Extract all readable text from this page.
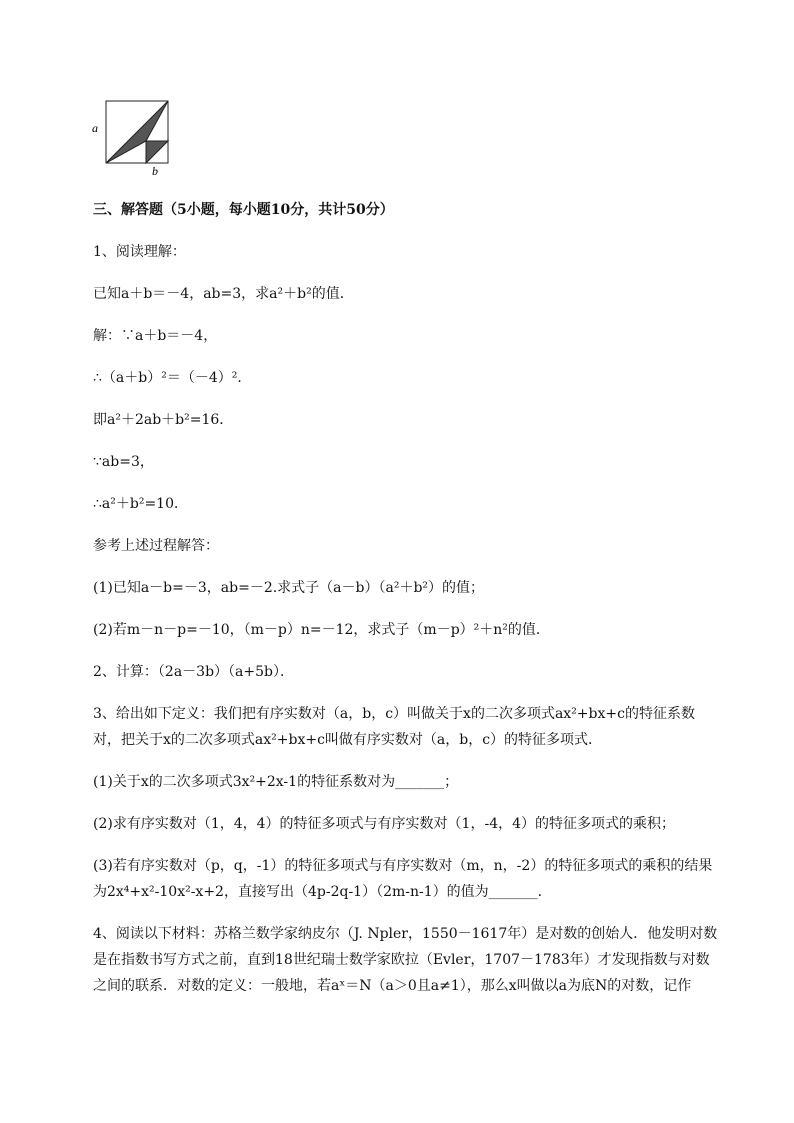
a
b
三、解答题（5小题，每小题10分，共计50分）
1、阅读理解：
已知a＋b＝－4，ab=3，求a²＋b²的值．
解：∵a＋b＝－4，
∴（a＋b）²＝（－4）²．
即a²＋2ab＋b²=16．
∵ab=3，
∴a²＋b²=10．
参考上述过程解答：
(1)已知a－b=－3，ab=－2.求式子（a－b）（a²＋b²）的值；
(2)若m－n－p=－10，（m－p）n=－12，求式子（m－p）²＋n²的值．
2、计算：（2a－3b）（a+5b）．
3、给出如下定义：我们把有序实数对（a，b，c）叫做关于x的二次多项式ax²+bx+c的特征系数
对，把关于x的二次多项式ax²+bx+c叫做有序实数对（a，b，c）的特征多项式．
(1)关于x的二次多项式3x²+2x-1的特征系数对为_______；
(2)求有序实数对（1，4，4）的特征多项式与有序实数对（1，-4，4）的特征多项式的乘积；
(3)若有序实数对（p，q，-1）的特征多项式与有序实数对（m，n，-2）的特征多项式的乘积的结果
为2x⁴+x²-10x²-x+2，直接写出（4p-2q-1）（2m-n-1）的值为_______.
4、阅读以下材料：苏格兰数学家纳皮尔（J. Npler，1550－1617年）是对数的创始人．他发明对数
是在指数书写方式之前，直到18世纪瑞士数学家欧拉（Evler，1707－1783年）才发现指数与对数
之间的联系．对数的定义：一般地，若aˣ＝N（a＞0且a≠1），那么x叫做以a为底N的对数，记作
